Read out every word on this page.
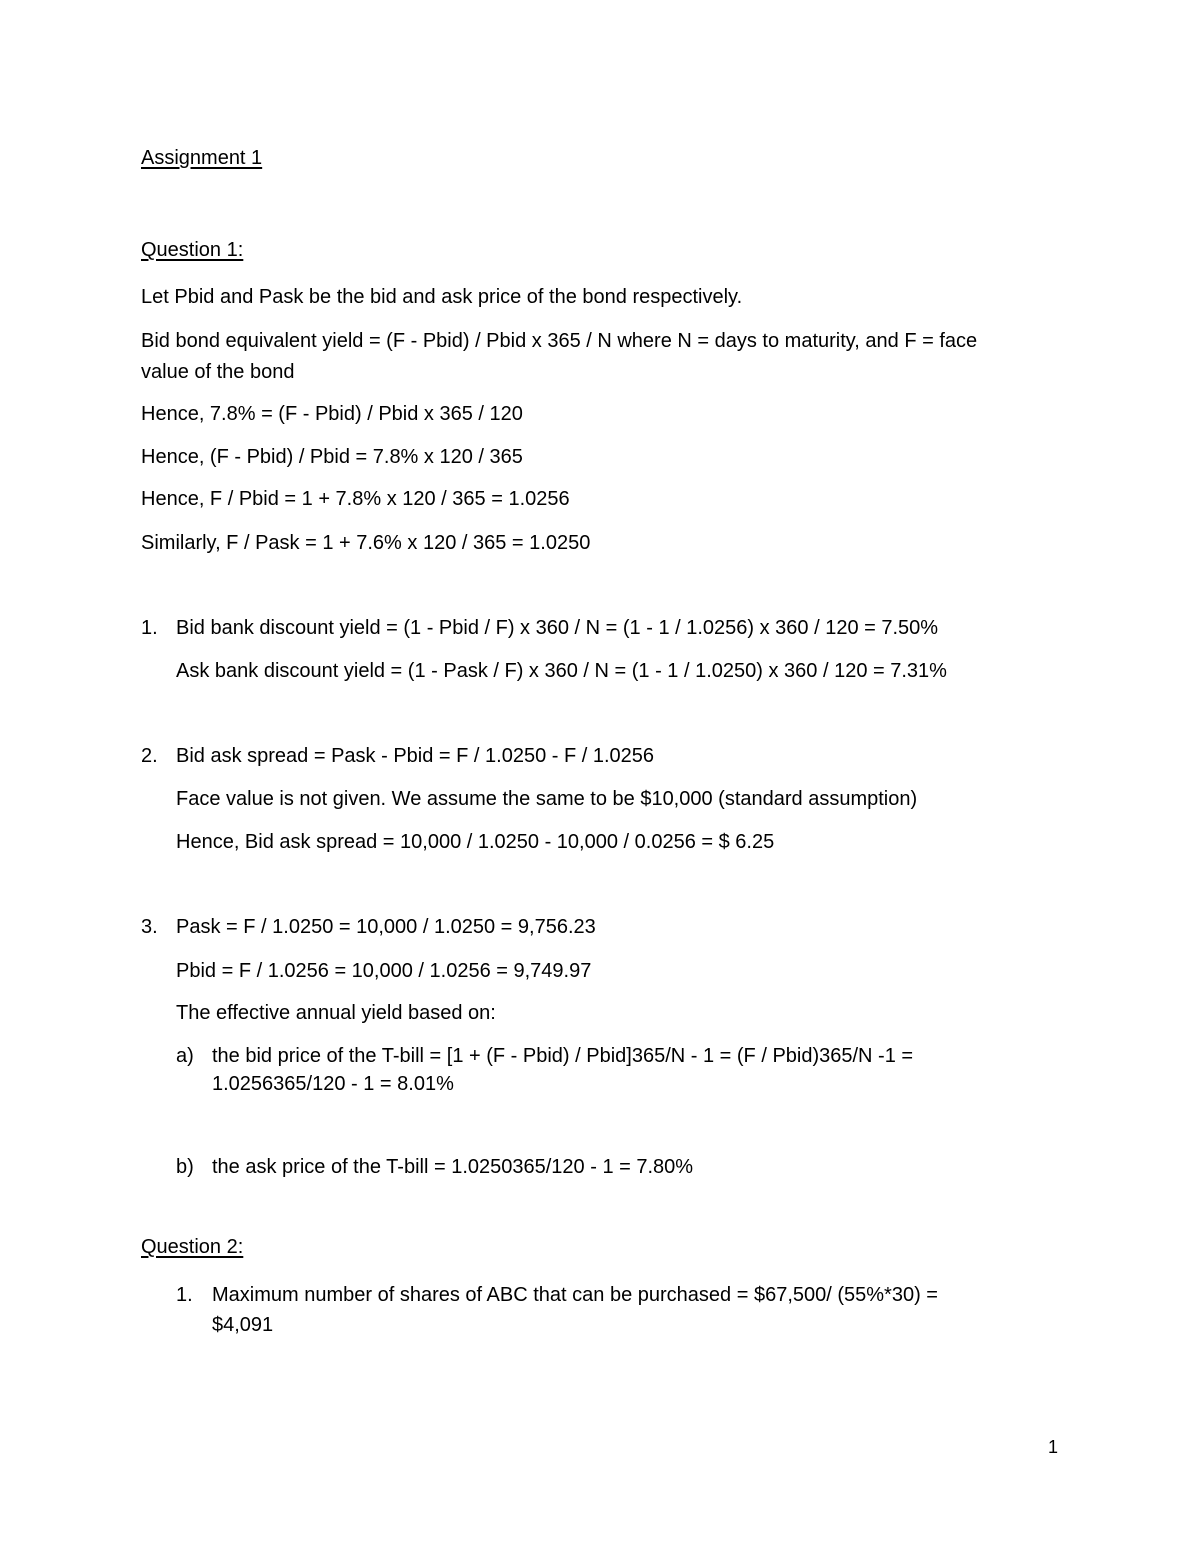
Assignment 1
Question 1:
Let Pbid and Pask be the bid and ask price of the bond respectively.
Bid bond equivalent yield = (F - Pbid) / Pbid x 365 / N where N = days to maturity, and F = face
value of the bond
Hence, 7.8% = (F - Pbid) / Pbid x 365 / 120
Hence, (F - Pbid) / Pbid = 7.8% x 120 / 365
Hence, F / Pbid = 1 + 7.8% x 120 / 365 = 1.0256
Similarly, F / Pask = 1 + 7.6% x 120 / 365 = 1.0250
1. Bid bank discount yield = (1 - Pbid / F) x 360 / N = (1 - 1 / 1.0256) x 360 / 120 = 7.50%
Ask bank discount yield = (1 - Pask / F) x 360 / N = (1 - 1 / 1.0250) x 360 / 120 = 7.31%
2. Bid ask spread = Pask - Pbid = F / 1.0250 - F / 1.0256
Face value is not given. We assume the same to be $10,000 (standard assumption)
Hence, Bid ask spread = 10,000 / 1.0250 - 10,000 / 0.0256 = $ 6.25
3. Pask = F / 1.0250 = 10,000 / 1.0250 = 9,756.23
Pbid = F / 1.0256 = 10,000 / 1.0256 = 9,749.97
The effective annual yield based on:
a) the bid price of the T-bill = [1 + (F - Pbid) / Pbid]365/N - 1 = (F / Pbid)365/N -1 =
1.0256365/120 - 1 = 8.01%
b) the ask price of the T-bill = 1.0250365/120 - 1 = 7.80%
Question 2:
1. Maximum number of shares of ABC that can be purchased = $67,500/ (55%*30) =
$4,091
1
